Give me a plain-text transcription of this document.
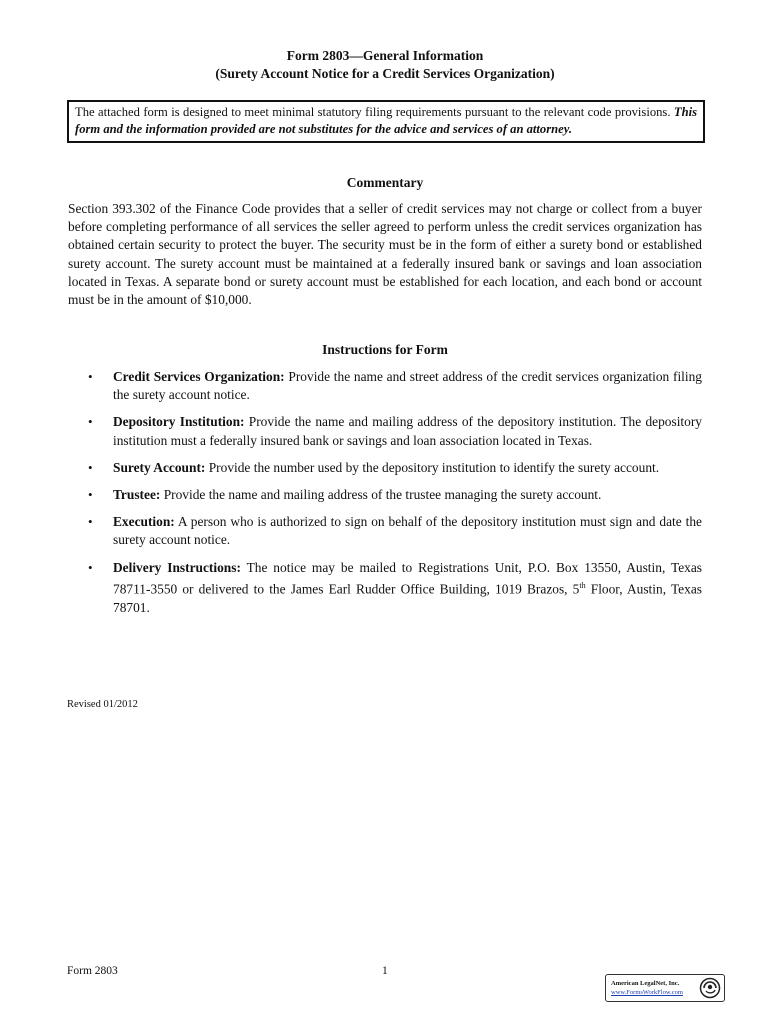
Form 2803—General Information
(Surety Account Notice for a Credit Services Organization)
The attached form is designed to meet minimal statutory filing requirements pursuant to the relevant code provisions. This form and the information provided are not substitutes for the advice and services of an attorney.
Commentary
Section 393.302 of the Finance Code provides that a seller of credit services may not charge or collect from a buyer before completing performance of all services the seller agreed to perform unless the credit services organization has obtained certain security to protect the buyer. The security must be in the form of either a surety bond or established surety account. The surety account must be maintained at a federally insured bank or savings and loan association located in Texas. A separate bond or surety account must be established for each location, and each bond or account must be in the amount of $10,000.
Instructions for Form
• Credit Services Organization: Provide the name and street address of the credit services organization filing the surety account notice.
• Depository Institution: Provide the name and mailing address of the depository institution. The depository institution must a federally insured bank or savings and loan association located in Texas.
• Surety Account: Provide the number used by the depository institution to identify the surety account.
• Trustee: Provide the name and mailing address of the trustee managing the surety account.
• Execution: A person who is authorized to sign on behalf of the depository institution must sign and date the surety account notice.
• Delivery Instructions: The notice may be mailed to Registrations Unit, P.O. Box 13550, Austin, Texas 78711-3550 or delivered to the James Earl Rudder Office Building, 1019 Brazos, 5th Floor, Austin, Texas 78701.
Revised 01/2012
Form 2803	1
American LegalNet, Inc.
www.FormsWorkFlow.com
